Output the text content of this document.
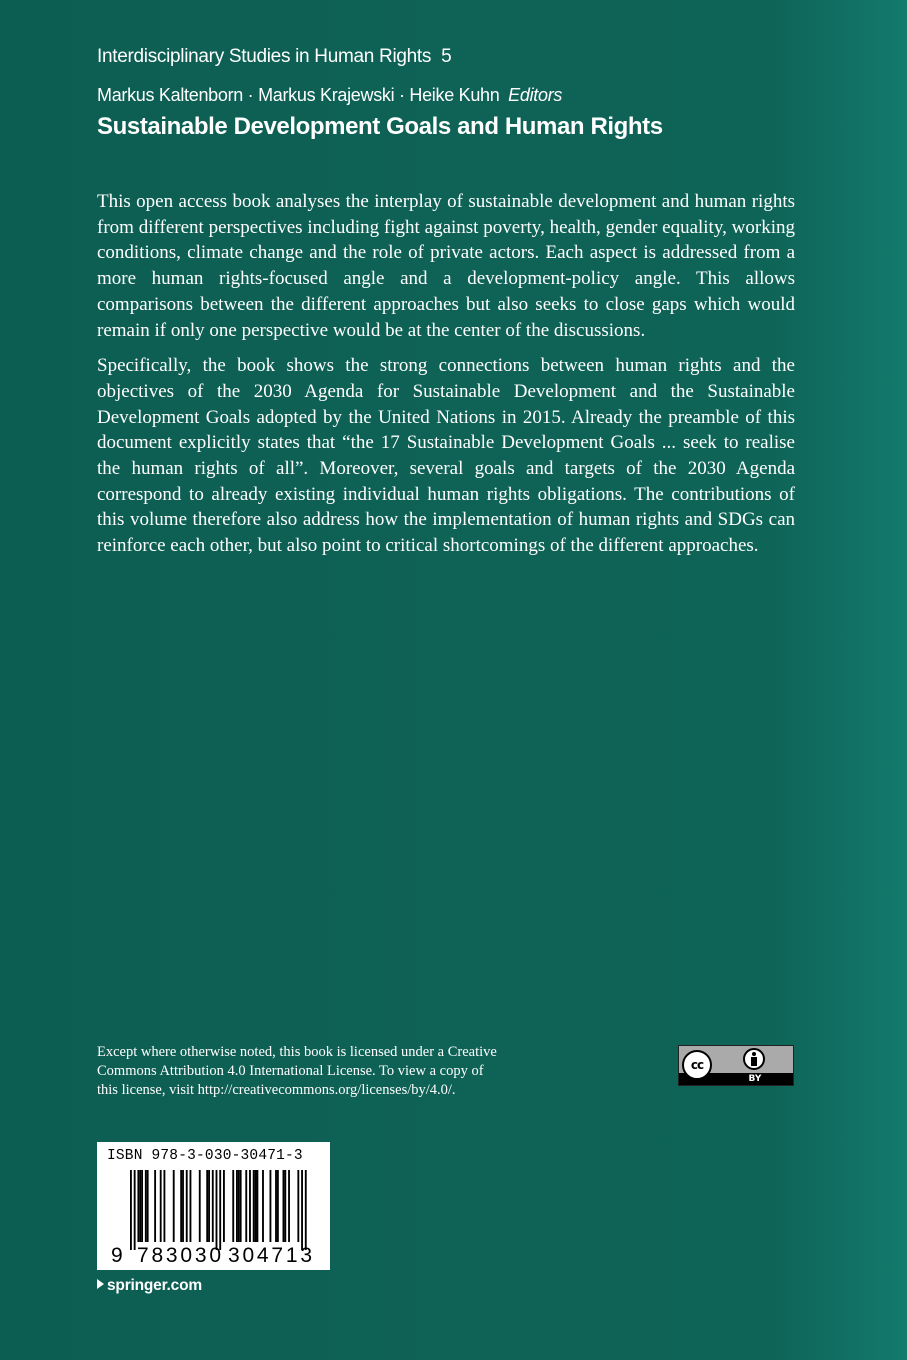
Interdisciplinary Studies in Human Rights 5
Markus Kaltenborn · Markus Krajewski · Heike Kuhn Editors
Sustainable Development Goals and Human Rights

This open access book analyses the interplay of sustainable development and human rights from different perspectives including fight against poverty, health, gender equality, working conditions, climate change and the role of private actors. Each aspect is addressed from a more human rights-focused angle and a development-policy angle. This allows comparisons between the different approaches but also seeks to close gaps which would remain if only one perspective would be at the center of the discussions.

Specifically, the book shows the strong connections between human rights and the objectives of the 2030 Agenda for Sustainable Development and the Sustainable Development Goals adopted by the United Nations in 2015. Already the preamble of this document explicitly states that “the 17 Sustainable Development Goals ... seek to realise the human rights of all”. Moreover, several goals and targets of the 2030 Agenda correspond to already existing individual human rights obligations. The contributions of this volume therefore also address how the implementation of human rights and SDGs can reinforce each other, but also point to critical shortcomings of the different approaches.

Except where otherwise noted, this book is licensed under a Creative
Commons Attribution 4.0 International License. To view a copy of
this license, visit http://creativecommons.org/licenses/by/4.0/.
cc
BY
ISBN 978-3-030-30471-3
9 783030 304713
springer.com
